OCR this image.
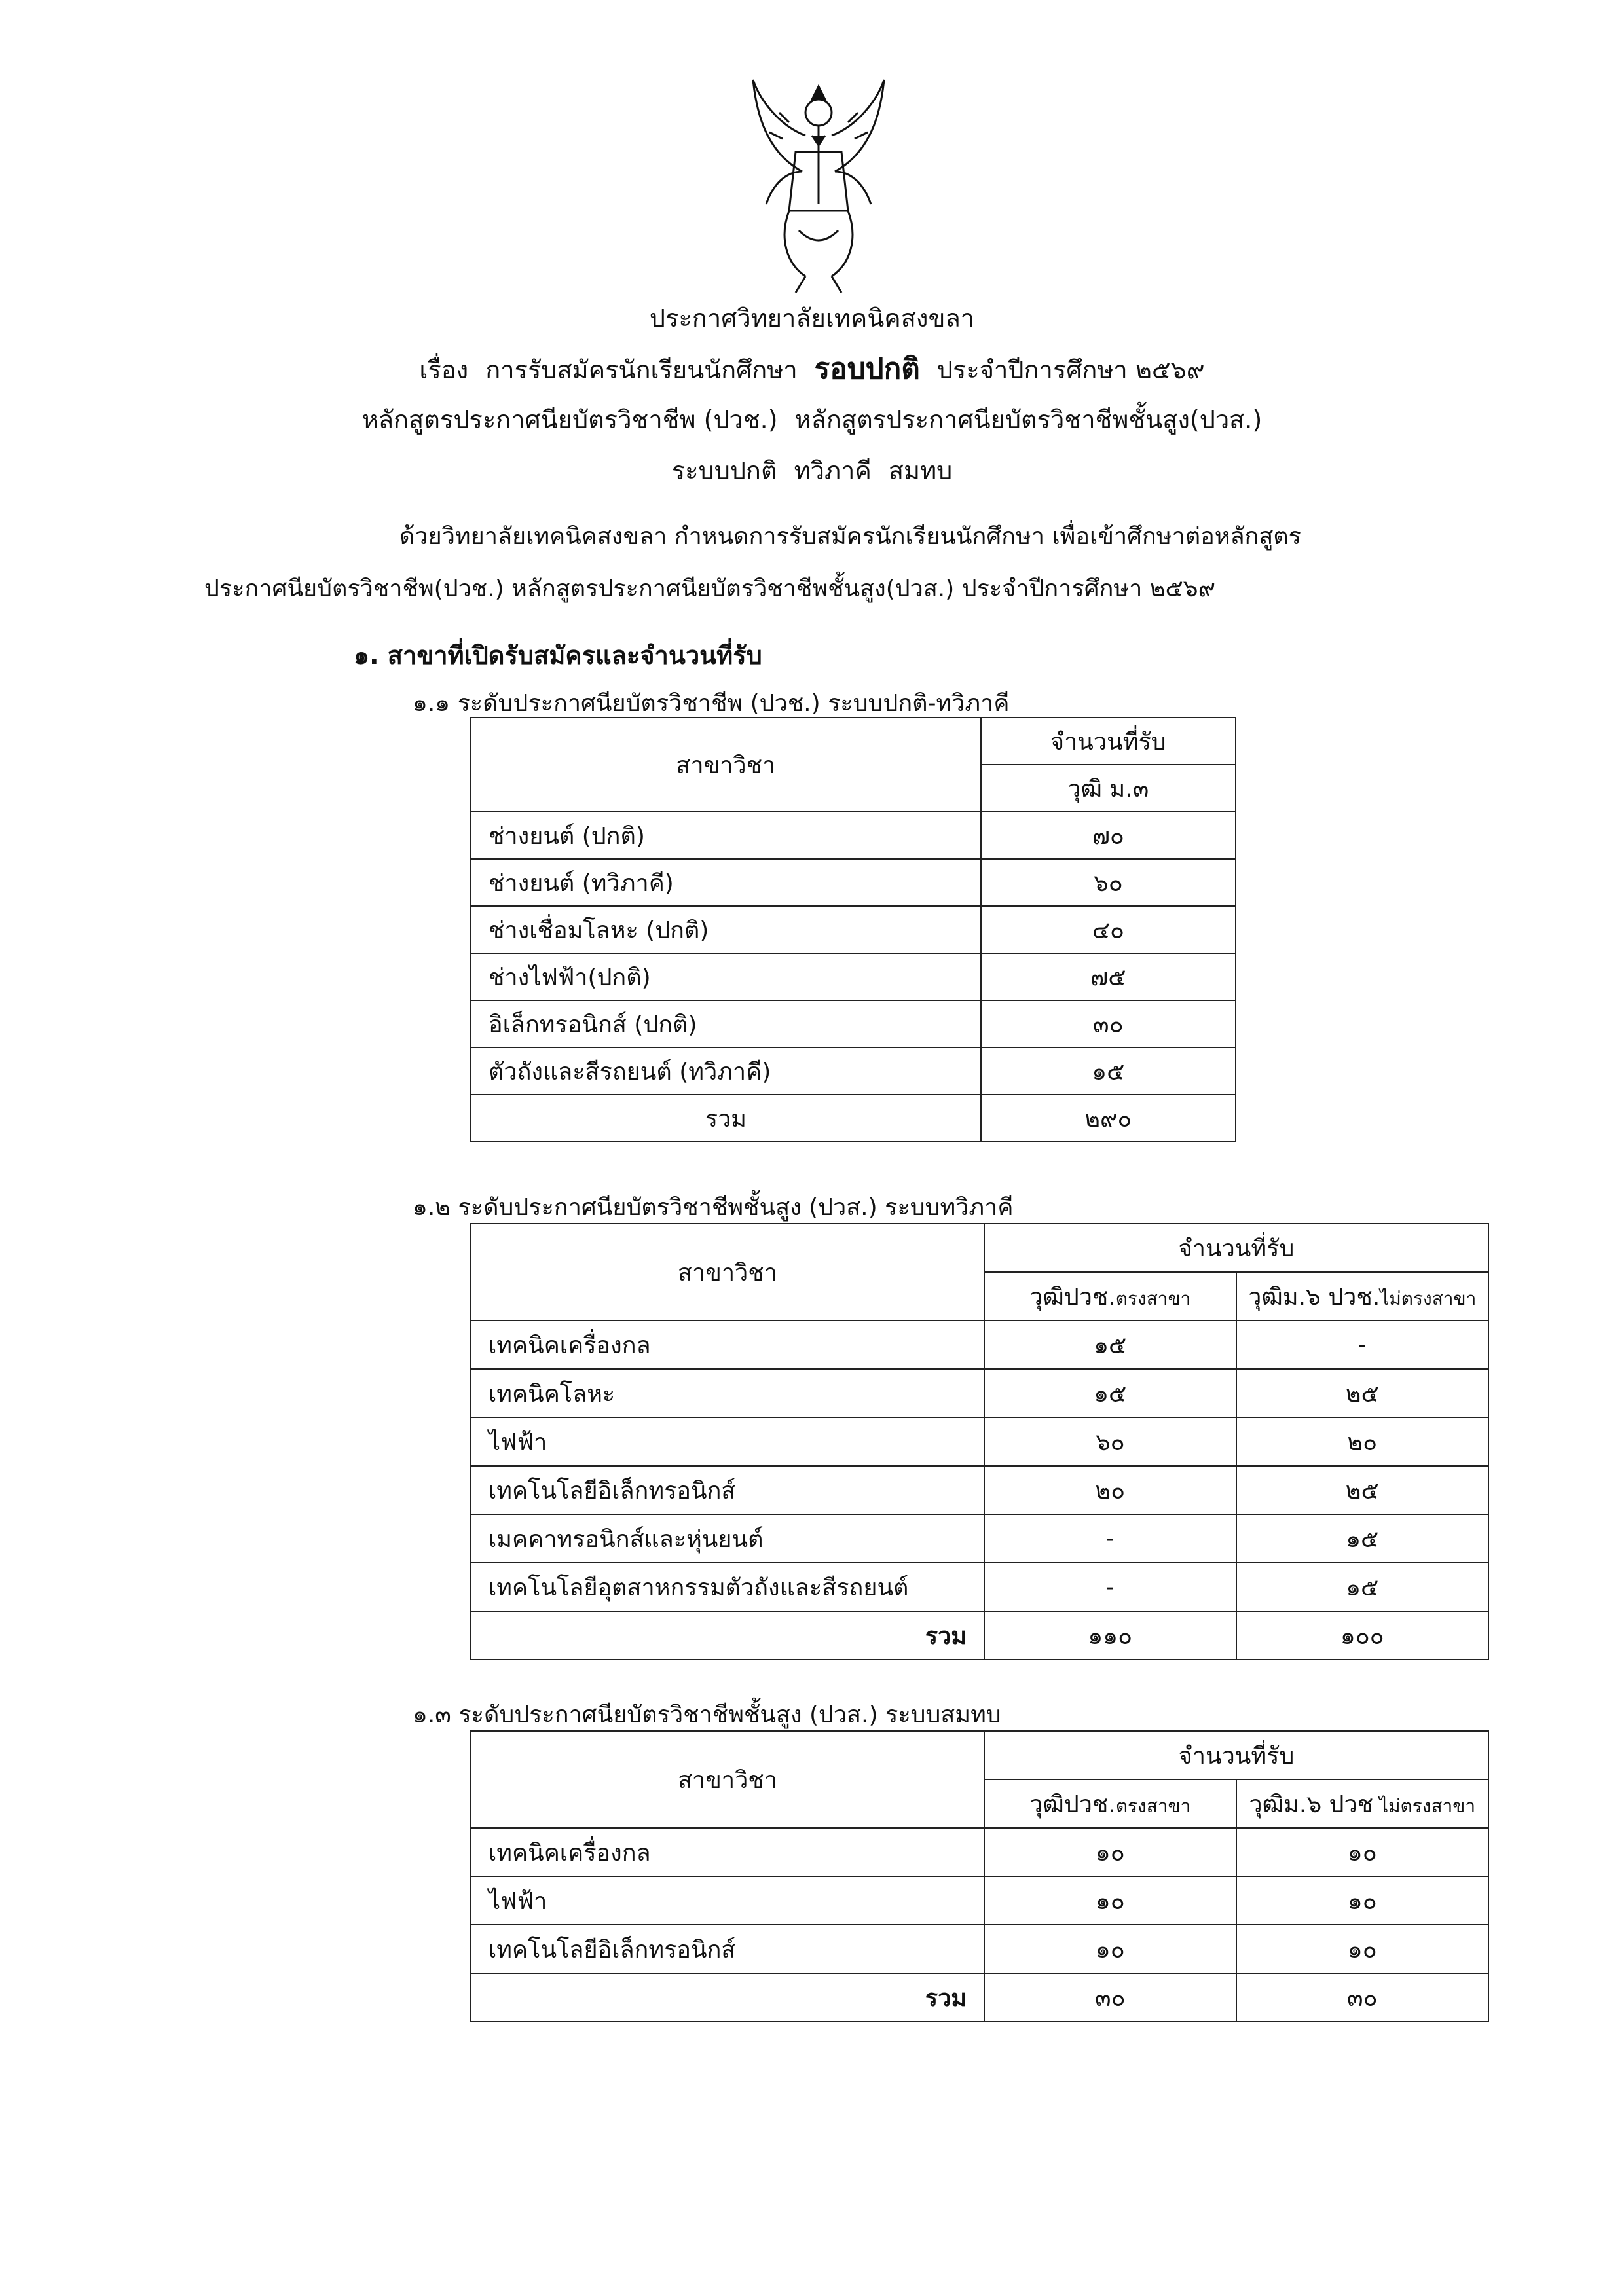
ประกาศวิทยาลัยเทคนิคสงขลา
เรื่อง การรับสมัครนักเรียนนักศึกษา รอบปกติ ประจำปีการศึกษา ๒๕๖๙
หลักสูตรประกาศนียบัตรวิชาชีพ (ปวช.) หลักสูตรประกาศนียบัตรวิชาชีพชั้นสูง(ปวส.)
ระบบปกติ ทวิภาคี สมทบ
ด้วยวิทยาลัยเทคนิคสงขลา กำหนดการรับสมัครนักเรียนนักศึกษา เพื่อเข้าศึกษาต่อหลักสูตร
ประกาศนียบัตรวิชาชีพ(ปวช.) หลักสูตรประกาศนียบัตรวิชาชีพชั้นสูง(ปวส.) ประจำปีการศึกษา ๒๕๖๙
๑. สาขาที่เปิดรับสมัครและจำนวนที่รับ
๑.๑ ระดับประกาศนียบัตรวิชาชีพ (ปวช.) ระบบปกติ-ทวิภาคี
สาขาวิชา	จำนวนที่รับ
	วุฒิ ม.๓
ช่างยนต์ (ปกติ)	๗๐
ช่างยนต์ (ทวิภาคี)	๖๐
ช่างเชื่อมโลหะ (ปกติ)	๔๐
ช่างไฟฟ้า(ปกติ)	๗๕
อิเล็กทรอนิกส์ (ปกติ)	๓๐
ตัวถังและสีรถยนต์ (ทวิภาคี)	๑๕
รวม	๒๙๐
๑.๒ ระดับประกาศนียบัตรวิชาชีพชั้นสูง (ปวส.) ระบบทวิภาคี
สาขาวิชา	จำนวนที่รับ	
	วุฒิปวช.ตรงสาขา	วุฒิม.๖ ปวช.ไม่ตรงสาขา
เทคนิคเครื่องกล	๑๕	-
เทคนิคโลหะ	๑๕	๒๕
ไฟฟ้า	๖๐	๒๐
เทคโนโลยีอิเล็กทรอนิกส์	๒๐	๒๕
เมคคาทรอนิกส์และหุ่นยนต์	-	๑๕
เทคโนโลยีอุตสาหกรรมตัวถังและสีรถยนต์	-	๑๕
รวม	๑๑๐	๑๐๐
๑.๓ ระดับประกาศนียบัตรวิชาชีพชั้นสูง (ปวส.) ระบบสมทบ
สาขาวิชา	จำนวนที่รับ	
	วุฒิปวช.ตรงสาขา	วุฒิม.๖ ปวช ไม่ตรงสาขา
เทคนิคเครื่องกล	๑๐	๑๐
ไฟฟ้า	๑๐	๑๐
เทคโนโลยีอิเล็กทรอนิกส์	๑๐	๑๐
รวม	๓๐	๓๐
